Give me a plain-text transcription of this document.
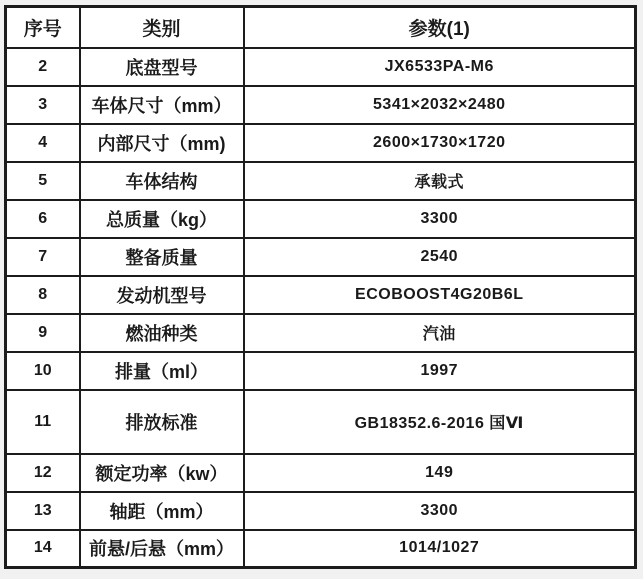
序号	类别	参数(1)
2	底盘型号	JX6533PA-M6
3	车体尺寸（mm）	5341×2032×2480
4	内部尺寸（mm)	2600×1730×1720
5	车体结构	承载式
6	总质量（kg）	3300
7	整备质量	2540
8	发动机型号	ECOBOOST4G20B6L
9	燃油种类	汽油
10	排量（ml）	1997
11	排放标准	GB18352.6-2016 国Ⅵ
12	额定功率（kw）	149
13	轴距（mm）	3300
14	前悬/后悬（mm）	1014/1027
